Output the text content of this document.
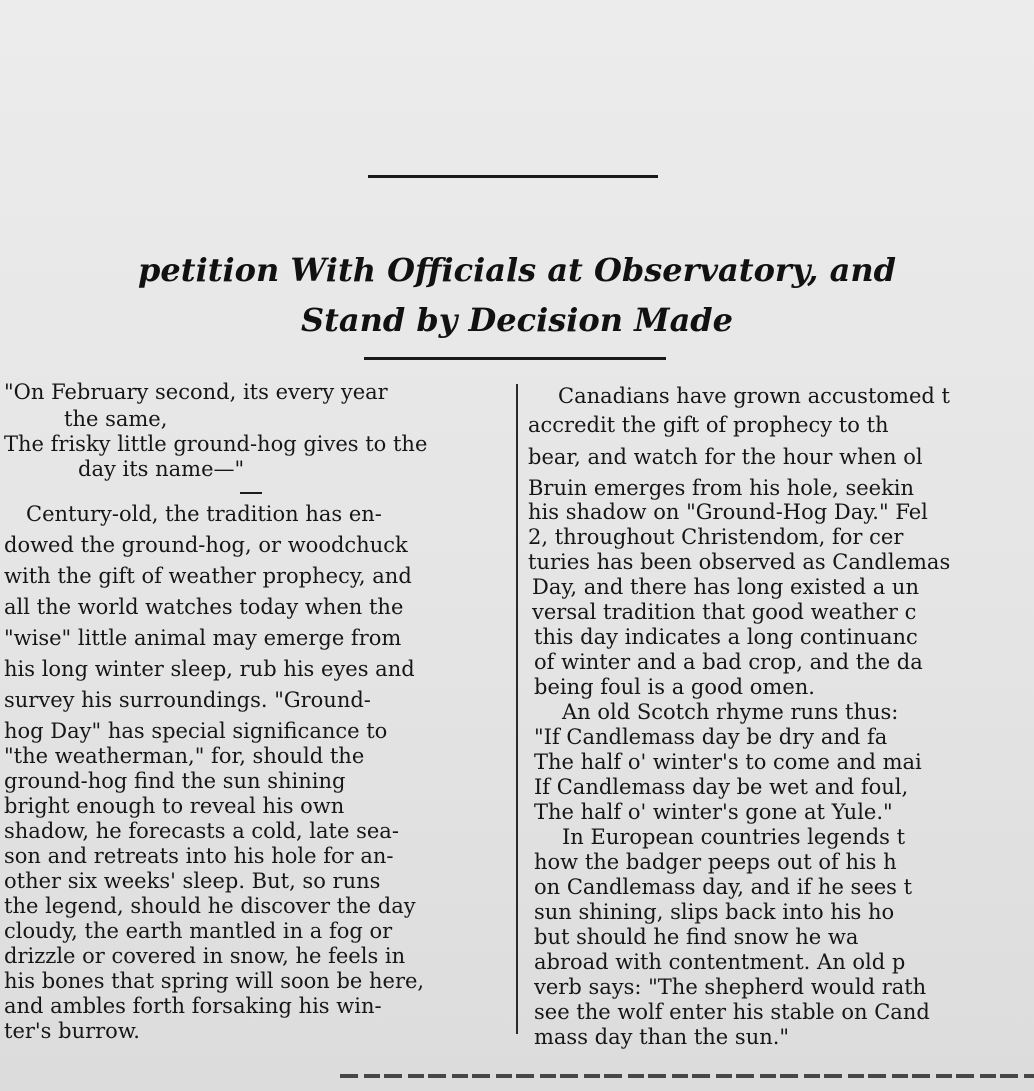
petition With Officials at Observatory, and
Stand by Decision Made
"On February second, its every year
the same,
The frisky little ground-hog gives to the
day its name—"
Century-old, the tradition has en-
dowed the ground-hog, or woodchuck
with the gift of weather prophecy, and
all the world watches today when the
"wise" little animal may emerge from
his long winter sleep, rub his eyes and
survey his surroundings. "Ground-
hog Day" has special significance to
"the weatherman," for, should the
ground-hog find the sun shining
bright enough to reveal his own
shadow, he forecasts a cold, late sea-
son and retreats into his hole for an-
other six weeks' sleep. But, so runs
the legend, should he discover the day
cloudy, the earth mantled in a fog or
drizzle or covered in snow, he feels in
his bones that spring will soon be here,
and ambles forth forsaking his win-
ter's burrow.
Canadians have grown accustomed t
accredit the gift of prophecy to th
bear, and watch for the hour when ol
Bruin emerges from his hole, seekin
his shadow on "Ground-Hog Day." Fel
2, throughout Christendom, for cer
turies has been observed as Candlemas
Day, and there has long existed a un
versal tradition that good weather c
this day indicates a long continuanc
of winter and a bad crop, and the da
being foul is a good omen.
An old Scotch rhyme runs thus:
"If Candlemass day be dry and fa
The half o' winter's to come and mai
If Candlemass day be wet and foul,
The half o' winter's gone at Yule."
In European countries legends t
how the badger peeps out of his h
on Candlemass day, and if he sees t
sun shining, slips back into his ho
but should he find snow he wa
abroad with contentment. An old p
verb says: "The shepherd would rath
see the wolf enter his stable on Cand
mass day than the sun."
